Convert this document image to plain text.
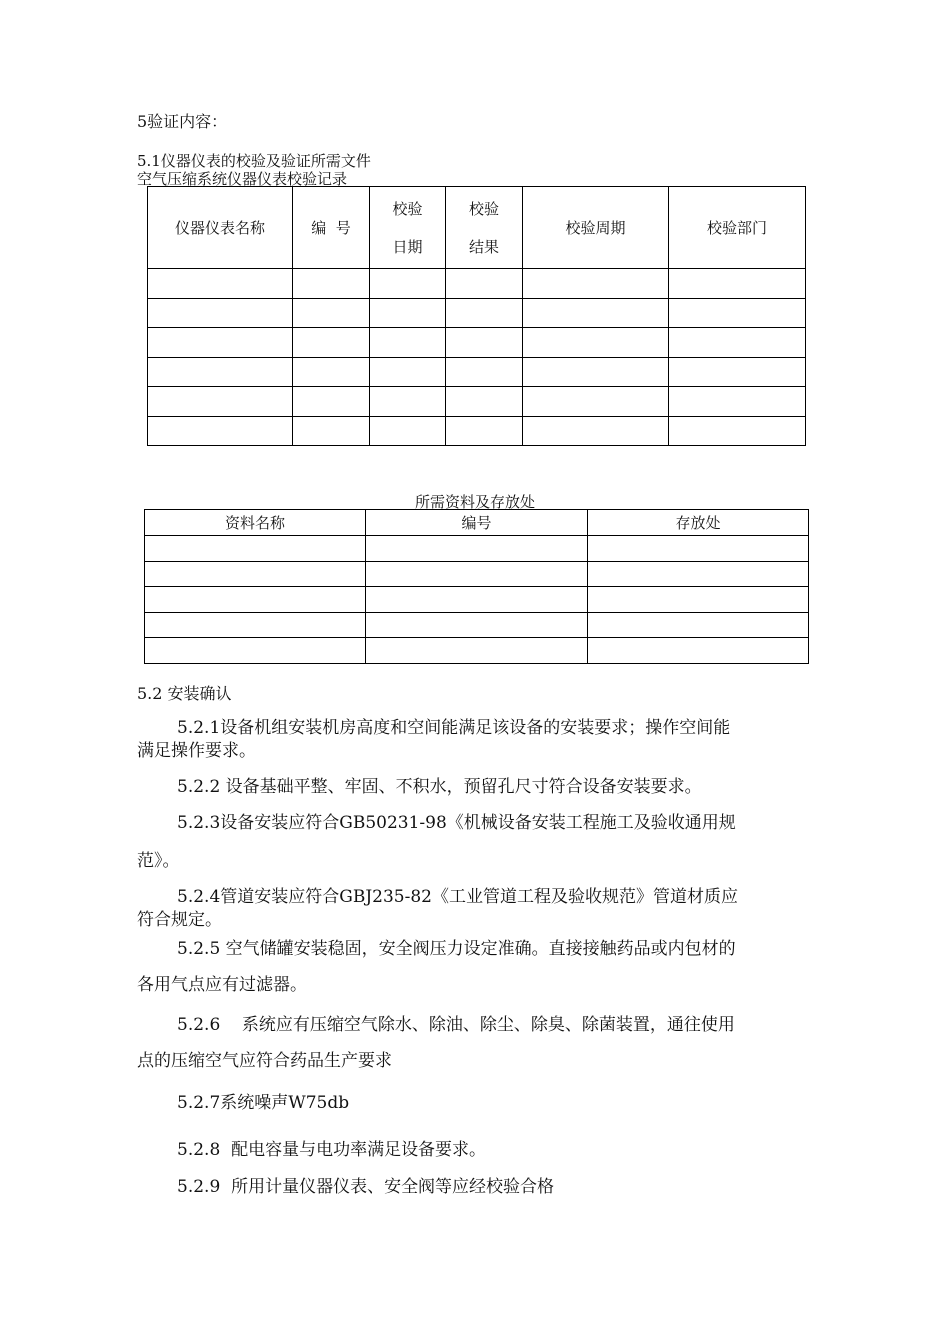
5验证内容：
5.1仪器仪表的校验及验证所需文件
空气压缩系统仪器仪表校验记录
仪器仪表名称	编  号	校验日期	校验结果	校验周期	校验部门

所需资料及存放处
资料名称	编号	存放处

5.2 安装确认
5.2.1设备机组安装机房高度和空间能满足该设备的安装要求；操作空间能
满足操作要求。
5.2.2 设备基础平整、牢固、不积水，预留孔尺寸符合设备安装要求。
5.2.3设备安装应符合GB50231-98《机械设备安装工程施工及验收通用规
范》。
5.2.4管道安装应符合GBJ235-82《工业管道工程及验收规范》管道材质应
符合规定。
5.2.5 空气储罐安装稳固，安全阀压力设定准确。直接接触药品或内包材的
各用气点应有过滤器。
5.2.6    系统应有压缩空气除水、除油、除尘、除臭、除菌装置，通往使用
点的压缩空气应符合药品生产要求
5.2.7系统噪声W75db
5.2.8  配电容量与电功率满足设备要求。
5.2.9  所用计量仪器仪表、安全阀等应经校验合格
